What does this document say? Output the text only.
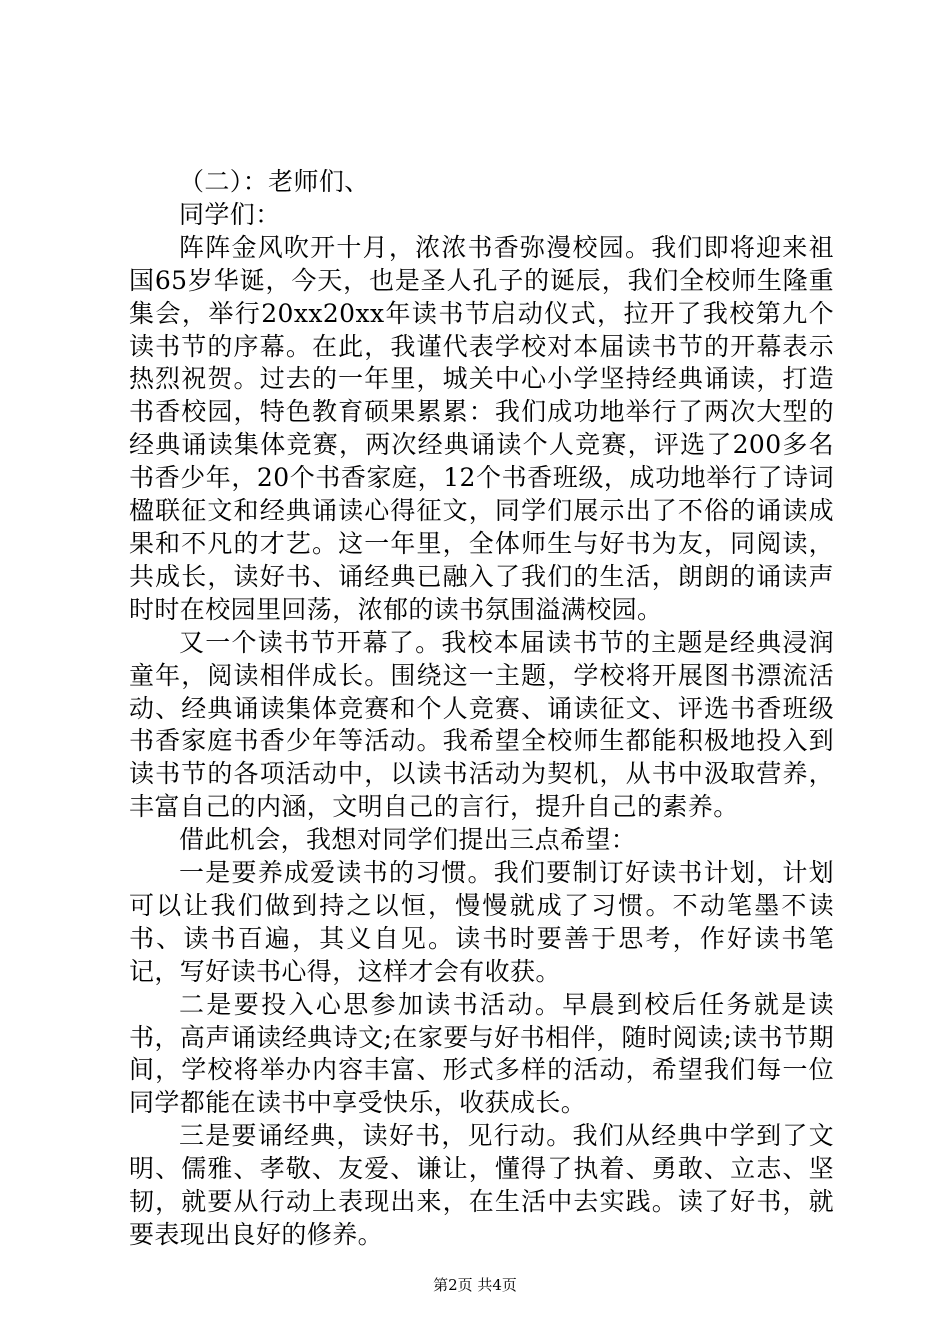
（二）：老师们、

同学们：

阵阵金风吹开十月，浓浓书香弥漫校园。我们即将迎来祖国65岁华诞，今天，也是圣人孔子的诞辰，我们全校师生隆重集会，举行20xx20xx年读书节启动仪式，拉开了我校第九个读书节的序幕。在此，我谨代表学校对本届读书节的开幕表示热烈祝贺。过去的一年里，城关中心小学坚持经典诵读，打造书香校园，特色教育硕果累累：我们成功地举行了两次大型的经典诵读集体竞赛，两次经典诵读个人竞赛，评选了200多名书香少年，20个书香家庭，12个书香班级，成功地举行了诗词楹联征文和经典诵读心得征文，同学们展示出了不俗的诵读成果和不凡的才艺。这一年里，全体师生与好书为友，同阅读，共成长，读好书、诵经典已融入了我们的生活，朗朗的诵读声时时在校园里回荡，浓郁的读书氛围溢满校园。

又一个读书节开幕了。我校本届读书节的主题是经典浸润童年，阅读相伴成长。围绕这一主题，学校将开展图书漂流活动、经典诵读集体竞赛和个人竞赛、诵读征文、评选书香班级书香家庭书香少年等活动。我希望全校师生都能积极地投入到读书节的各项活动中，以读书活动为契机，从书中汲取营养，丰富自己的内涵，文明自己的言行，提升自己的素养。

借此机会，我想对同学们提出三点希望：

一是要养成爱读书的习惯。我们要制订好读书计划，计划可以让我们做到持之以恒，慢慢就成了习惯。不动笔墨不读书、读书百遍，其义自见。读书时要善于思考，作好读书笔记，写好读书心得，这样才会有收获。

二是要投入心思参加读书活动。早晨到校后任务就是读书，高声诵读经典诗文;在家要与好书相伴，随时阅读;读书节期间，学校将举办内容丰富、形式多样的活动，希望我们每一位同学都能在读书中享受快乐，收获成长。

三是要诵经典，读好书，见行动。我们从经典中学到了文明、儒雅、孝敬、友爱、谦让，懂得了执着、勇敢、立志、坚韧，就要从行动上表现出来，在生活中去实践。读了好书，就要表现出良好的修养。

第2页 共4页
